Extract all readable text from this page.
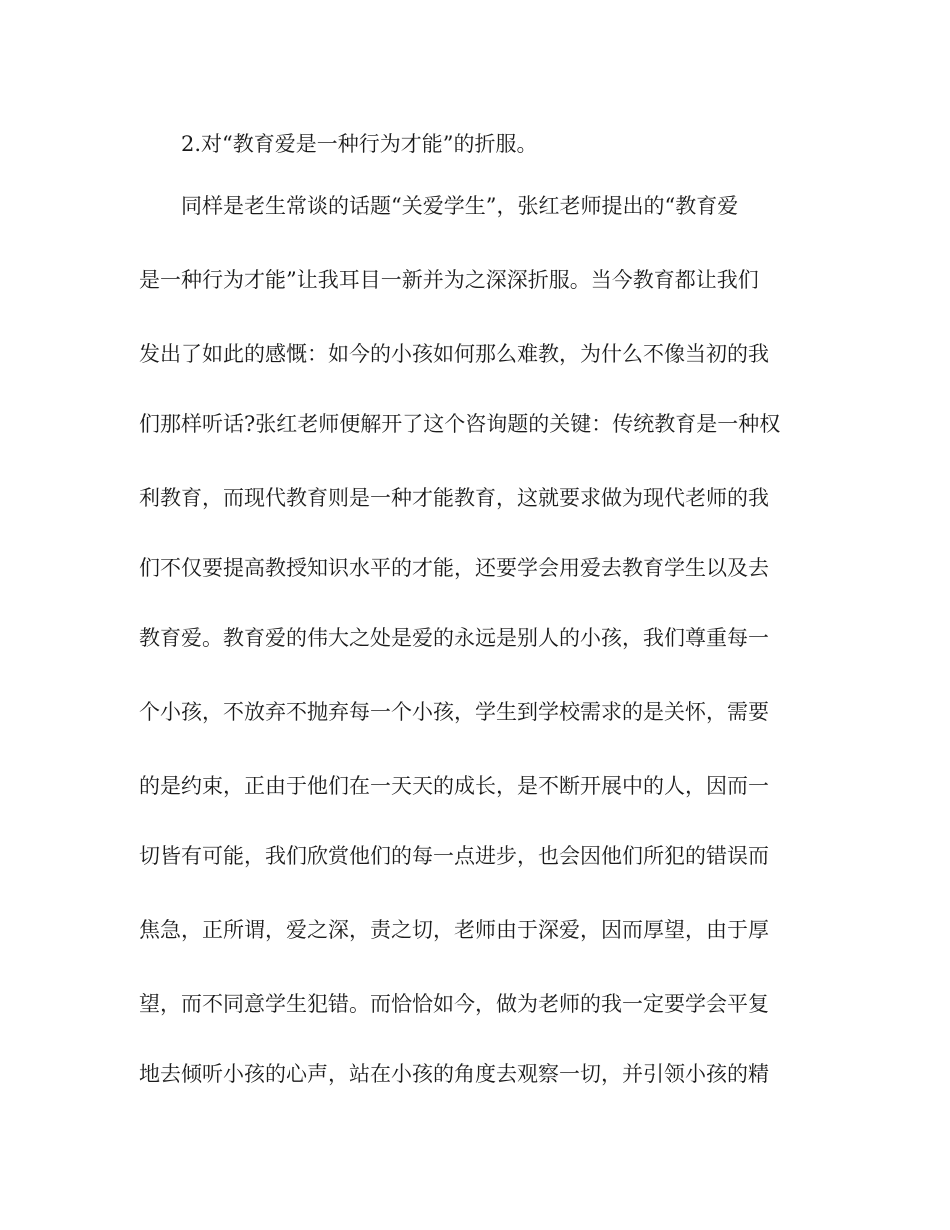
2.对“教育爱是一种行为才能”的折服。
同样是老生常谈的话题“关爱学生”，张红老师提出的“教育爱
是一种行为才能”让我耳目一新并为之深深折服。当今教育都让我们
发出了如此的感慨：如今的小孩如何那么难教，为什么不像当初的我
们那样听话?张红老师便解开了这个咨询题的关键：传统教育是一种权
利教育，而现代教育则是一种才能教育，这就要求做为现代老师的我
们不仅要提高教授知识水平的才能，还要学会用爱去教育学生以及去
教育爱。教育爱的伟大之处是爱的永远是别人的小孩，我们尊重每一
个小孩，不放弃不抛弃每一个小孩，学生到学校需求的是关怀，需要
的是约束，正由于他们在一天天的成长，是不断开展中的人，因而一
切皆有可能，我们欣赏他们的每一点进步，也会因他们所犯的错误而
焦急，正所谓，爱之深，责之切，老师由于深爱，因而厚望，由于厚
望，而不同意学生犯错。而恰恰如今，做为老师的我一定要学会平复
地去倾听小孩的心声，站在小孩的角度去观察一切，并引领小孩的精
